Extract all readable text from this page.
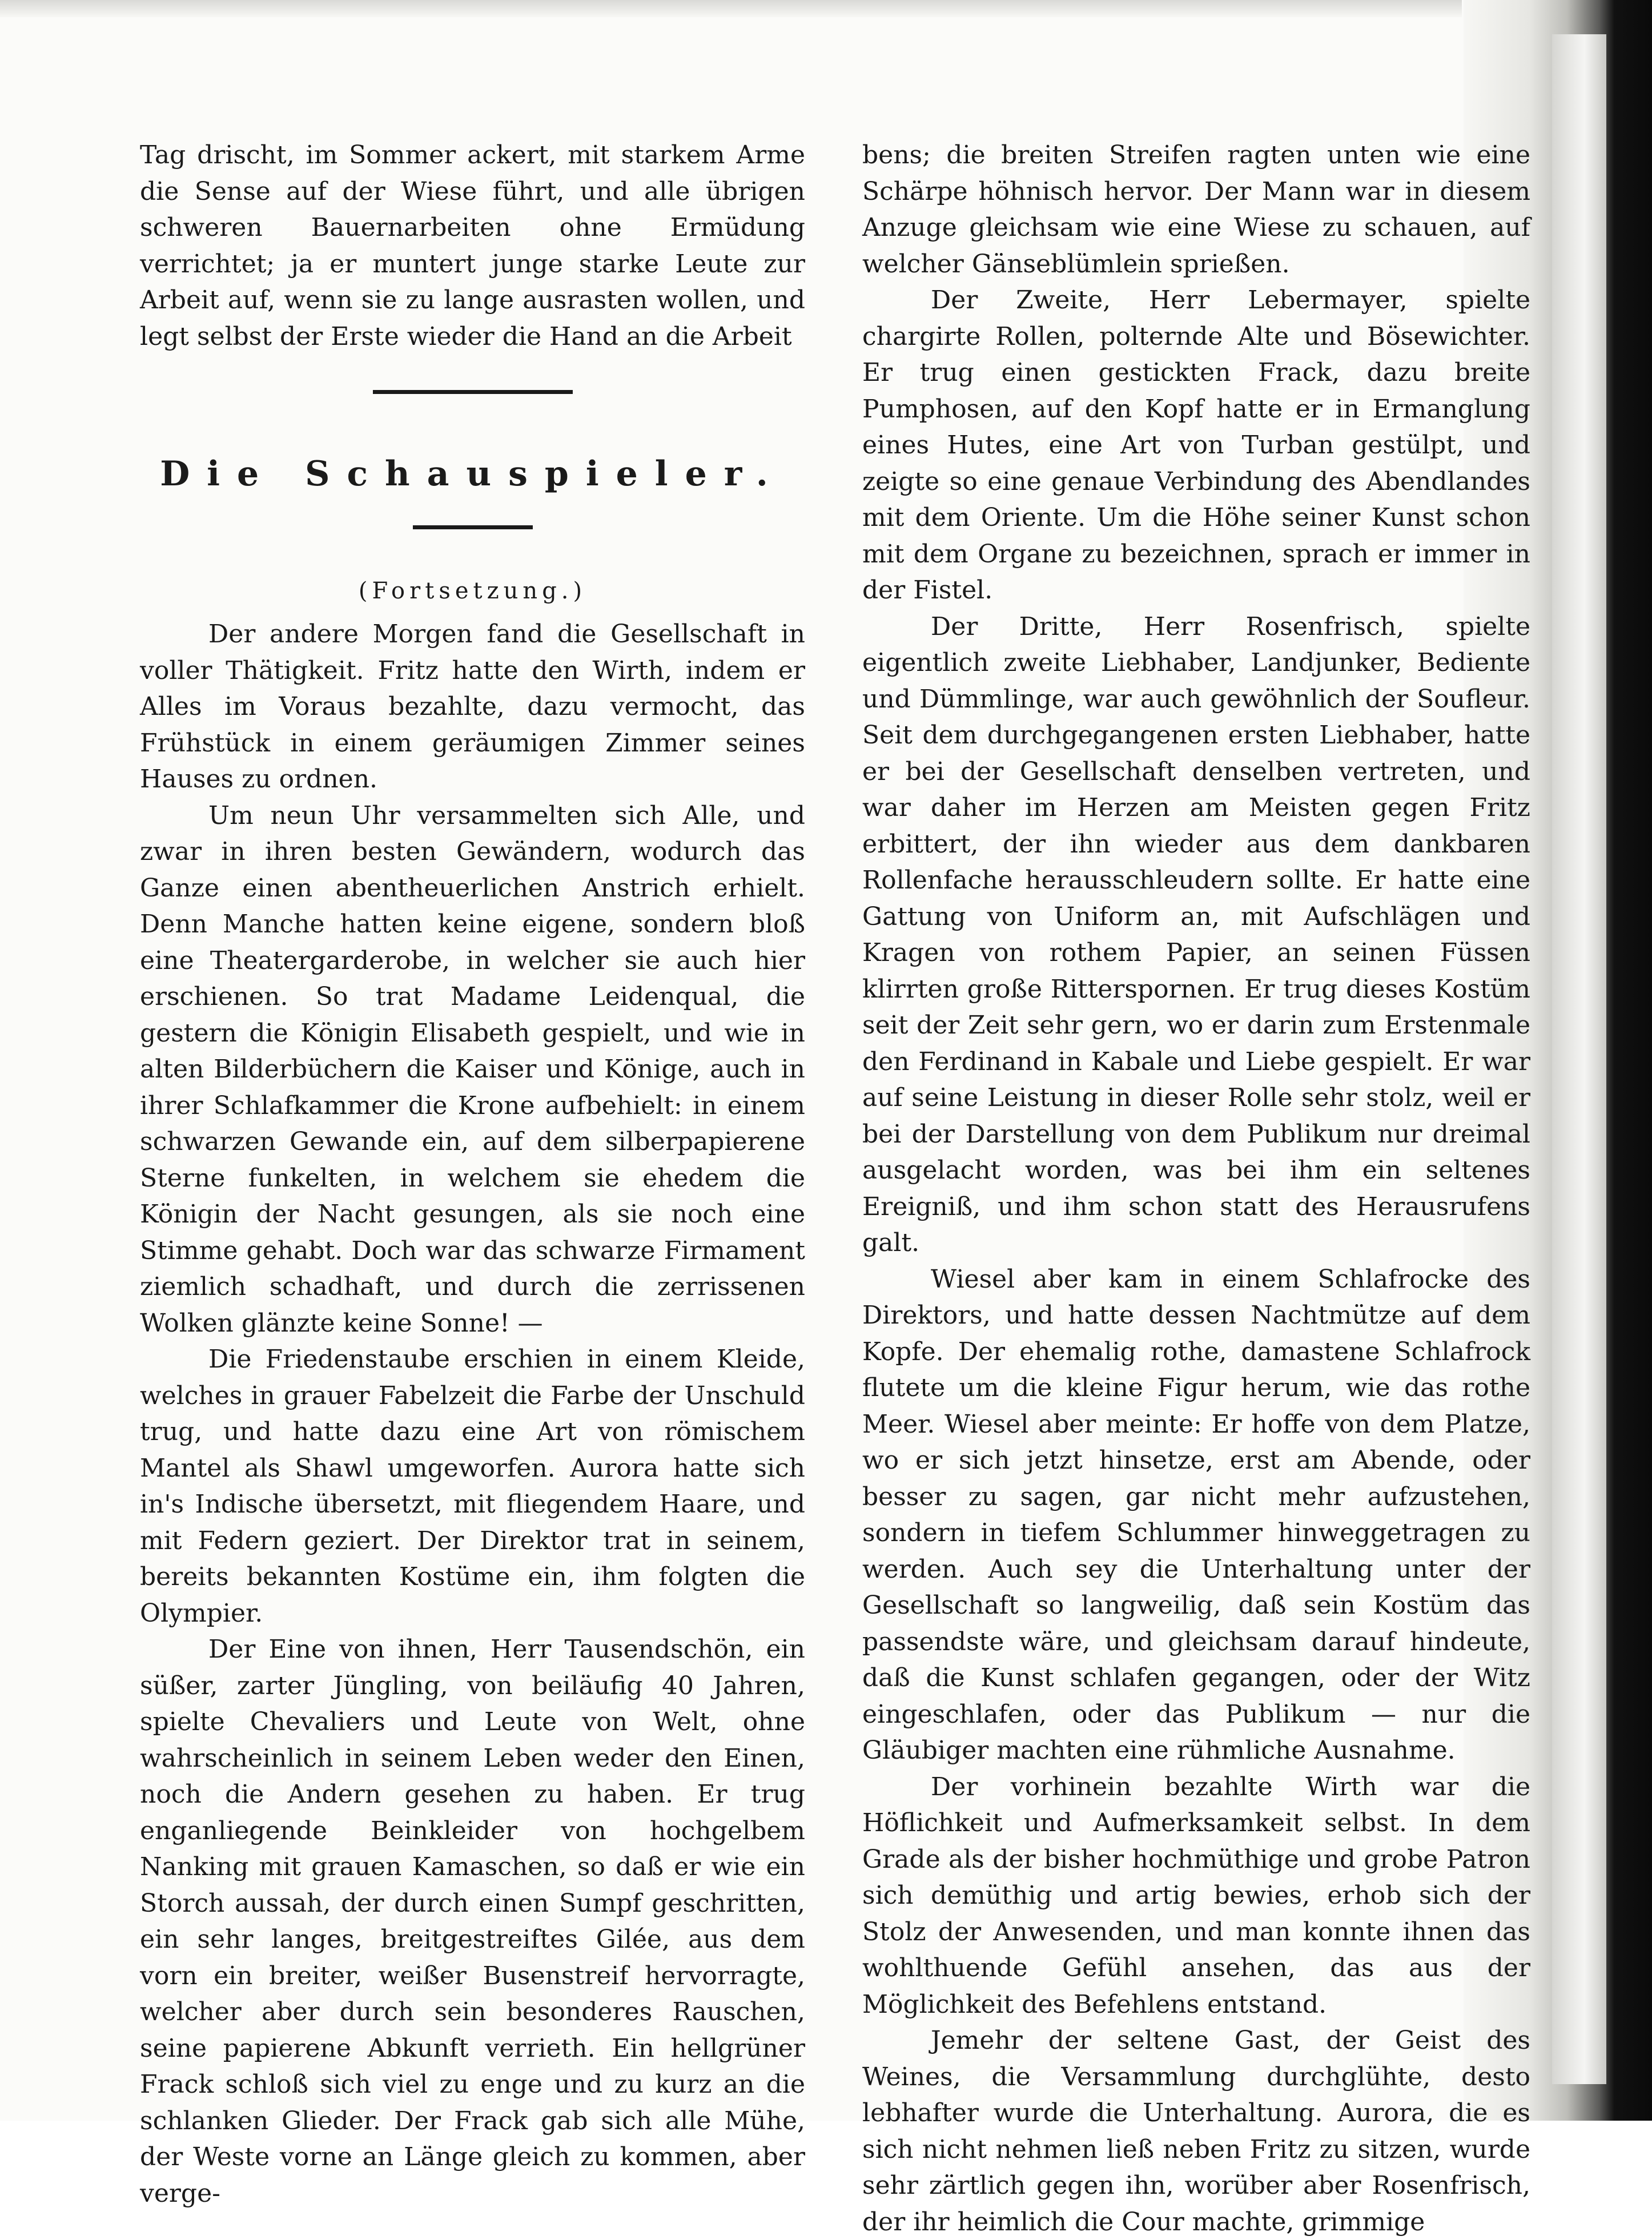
Tag drischt, im Sommer ackert, mit starkem Arme die Sense auf der Wiese führt, und alle übrigen schweren Bauernarbeiten ohne Ermüdung verrichtet; ja er muntert junge starke Leute zur Arbeit auf, wenn sie zu lange ausrasten wollen, und legt selbst der Erste wieder die Hand an die Arbeit

Die Schauspieler.
(Fortsetzung.)

Der andere Morgen fand die Gesellschaft in voller Thätigkeit. Fritz hatte den Wirth, indem er Alles im Voraus bezahlte, dazu vermocht, das Frühstück in einem geräumigen Zimmer seines Hauses zu ordnen.

Um neun Uhr versammelten sich Alle, und zwar in ihren besten Gewändern, wodurch das Ganze einen abentheuerlichen Anstrich erhielt. Denn Manche hatten keine eigene, sondern bloß eine Theatergarderobe, in welcher sie auch hier erschienen. So trat Madame Leidenqual, die gestern die Königin Elisabeth gespielt, und wie in alten Bilderbüchern die Kaiser und Könige, auch in ihrer Schlafkammer die Krone aufbehielt: in einem schwarzen Gewande ein, auf dem silberpapierene Sterne funkelten, in welchem sie ehedem die Königin der Nacht gesungen, als sie noch eine Stimme gehabt. Doch war das schwarze Firmament ziemlich schadhaft, und durch die zerrissenen Wolken glänzte keine Sonne! —

Die Friedenstaube erschien in einem Kleide, welches in grauer Fabelzeit die Farbe der Unschuld trug, und hatte dazu eine Art von römischem Mantel als Shawl umgeworfen. Aurora hatte sich in's Indische übersetzt, mit fliegendem Haare, und mit Federn geziert. Der Direktor trat in seinem, bereits bekannten Kostüme ein, ihm folgten die Olympier.

Der Eine von ihnen, Herr Tausendschön, ein süßer, zarter Jüngling, von beiläufig 40 Jahren, spielte Chevaliers und Leute von Welt, ohne wahrscheinlich in seinem Leben weder den Einen, noch die Andern gesehen zu haben. Er trug enganliegende Beinkleider von hochgelbem Nanking mit grauen Kamaschen, so daß er wie ein Storch aussah, der durch einen Sumpf geschritten, ein sehr langes, breitgestreiftes Gilée, aus dem vorn ein breiter, weißer Busenstreif hervorragte, welcher aber durch sein besonderes Rauschen, seine papierene Abkunft verrieth. Ein hellgrüner Frack schloß sich viel zu enge und zu kurz an die schlanken Glieder. Der Frack gab sich alle Mühe, der Weste vorne an Länge gleich zu kommen, aber verge-

bens; die breiten Streifen ragten unten wie eine Schärpe höhnisch hervor. Der Mann war in diesem Anzuge gleichsam wie eine Wiese zu schauen, auf welcher Gänseblümlein sprießen.

Der Zweite, Herr Lebermayer, spielte chargirte Rollen, polternde Alte und Bösewichter. Er trug einen gestickten Frack, dazu breite Pumphosen, auf den Kopf hatte er in Ermanglung eines Hutes, eine Art von Turban gestülpt, und zeigte so eine genaue Verbindung des Abendlandes mit dem Oriente. Um die Höhe seiner Kunst schon mit dem Organe zu bezeichnen, sprach er immer in der Fistel.

Der Dritte, Herr Rosenfrisch, spielte eigentlich zweite Liebhaber, Landjunker, Bediente und Dümmlinge, war auch gewöhnlich der Soufleur. Seit dem durchgegangenen ersten Liebhaber, hatte er bei der Gesellschaft denselben vertreten, und war daher im Herzen am Meisten gegen Fritz erbittert, der ihn wieder aus dem dankbaren Rollenfache herausschleudern sollte. Er hatte eine Gattung von Uniform an, mit Aufschlägen und Kragen von rothem Papier, an seinen Füssen klirrten große Ritterspornen. Er trug dieses Kostüm seit der Zeit sehr gern, wo er darin zum Erstenmale den Ferdinand in Kabale und Liebe gespielt. Er war auf seine Leistung in dieser Rolle sehr stolz, weil er bei der Darstellung von dem Publikum nur dreimal ausgelacht worden, was bei ihm ein seltenes Ereigniß, und ihm schon statt des Herausrufens galt.

Wiesel aber kam in einem Schlafrocke des Direktors, und hatte dessen Nachtmütze auf dem Kopfe. Der ehemalig rothe, damastene Schlafrock flutete um die kleine Figur herum, wie das rothe Meer. Wiesel aber meinte: Er hoffe von dem Platze, wo er sich jetzt hinsetze, erst am Abende, oder besser zu sagen, gar nicht mehr aufzustehen, sondern in tiefem Schlummer hinweggetragen zu werden. Auch sey die Unterhaltung unter der Gesellschaft so langweilig, daß sein Kostüm das passendste wäre, und gleichsam darauf hindeute, daß die Kunst schlafen gegangen, oder der Witz eingeschlafen, oder das Publikum — nur die Gläubiger machten eine rühmliche Ausnahme.

Der vorhinein bezahlte Wirth war die Höflichkeit und Aufmerksamkeit selbst. In dem Grade als der bisher hochmüthige und grobe Patron sich demüthig und artig bewies, erhob sich der Stolz der Anwesenden, und man konnte ihnen das wohlthuende Gefühl ansehen, das aus der Möglichkeit des Befehlens entstand.

Jemehr der seltene Gast, der Geist des Weines, die Versammlung durchglühte, desto lebhafter wurde die Unterhaltung. Aurora, die es sich nicht nehmen ließ neben Fritz zu sitzen, wurde sehr zärtlich gegen ihn, worüber aber Rosenfrisch, der ihr heimlich die Cour machte, grimmige
